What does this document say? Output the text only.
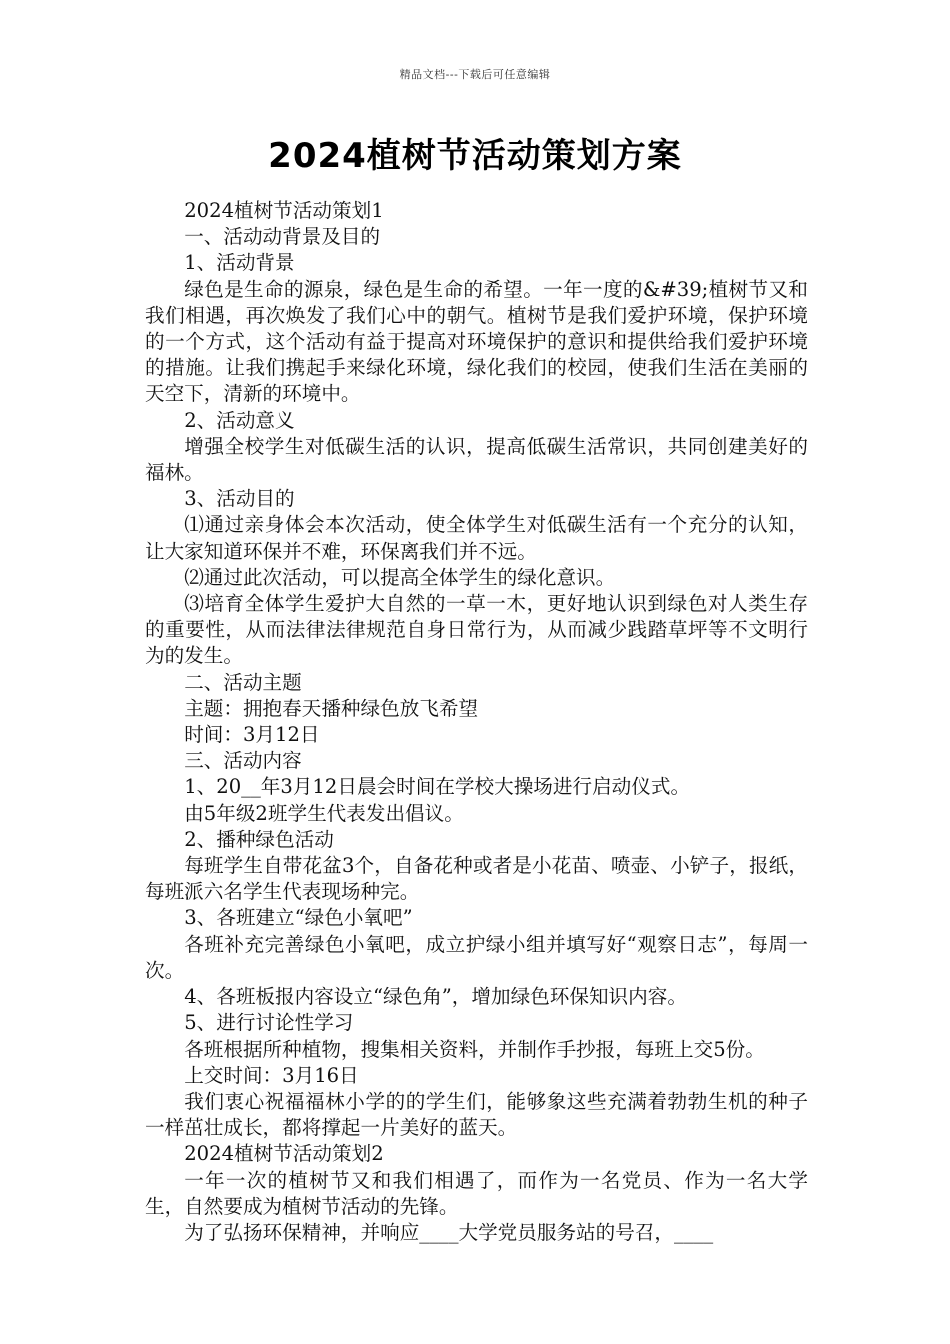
精品文档---下载后可任意编辑
2024植树节活动策划方案

2024植树节活动策划1

一、活动动背景及目的

1、活动背景

绿色是生命的源泉，绿色是生命的希望。一年一度的&#39;植树节又和我们相遇，再次焕发了我们心中的朝气。植树节是我们爱护环境，保护环境的一个方式，这个活动有益于提高对环境保护的意识和提供给我们爱护环境的措施。让我们携起手来绿化环境，绿化我们的校园，使我们生活在美丽的天空下，清新的环境中。

2、活动意义

增强全校学生对低碳生活的认识，提高低碳生活常识，共同创建美好的福林。

3、活动目的

⑴通过亲身体会本次活动，使全体学生对低碳生活有一个充分的认知，让大家知道环保并不难，环保离我们并不远。

⑵通过此次活动，可以提高全体学生的绿化意识。

⑶培育全体学生爱护大自然的一草一木，更好地认识到绿色对人类生存的重要性，从而法律法律规范自身日常行为，从而减少践踏草坪等不文明行为的发生。

二、活动主题

主题：拥抱春天播种绿色放飞希望

时间：3月12日

三、活动内容

1、20__年3月12日晨会时间在学校大操场进行启动仪式。

由5年级2班学生代表发出倡议。

2、播种绿色活动

每班学生自带花盆3个，自备花种或者是小花苗、喷壶、小铲子，报纸，每班派六名学生代表现场种完。

3、各班建立“绿色小氧吧”

各班补充完善绿色小氧吧，成立护绿小组并填写好“观察日志”，每周一次。

4、各班板报内容设立“绿色角”，增加绿色环保知识内容。

5、进行讨论性学习

各班根据所种植物，搜集相关资料，并制作手抄报，每班上交5份。

上交时间：3月16日

我们衷心祝福福林小学的的学生们，能够象这些充满着勃勃生机的种子一样茁壮成长，都将撑起一片美好的蓝天。

2024植树节活动策划2

一年一次的植树节又和我们相遇了，而作为一名党员、作为一名大学生，自然要成为植树节活动的先锋。

为了弘扬环保精神，并响应____大学党员服务站的号召，____
